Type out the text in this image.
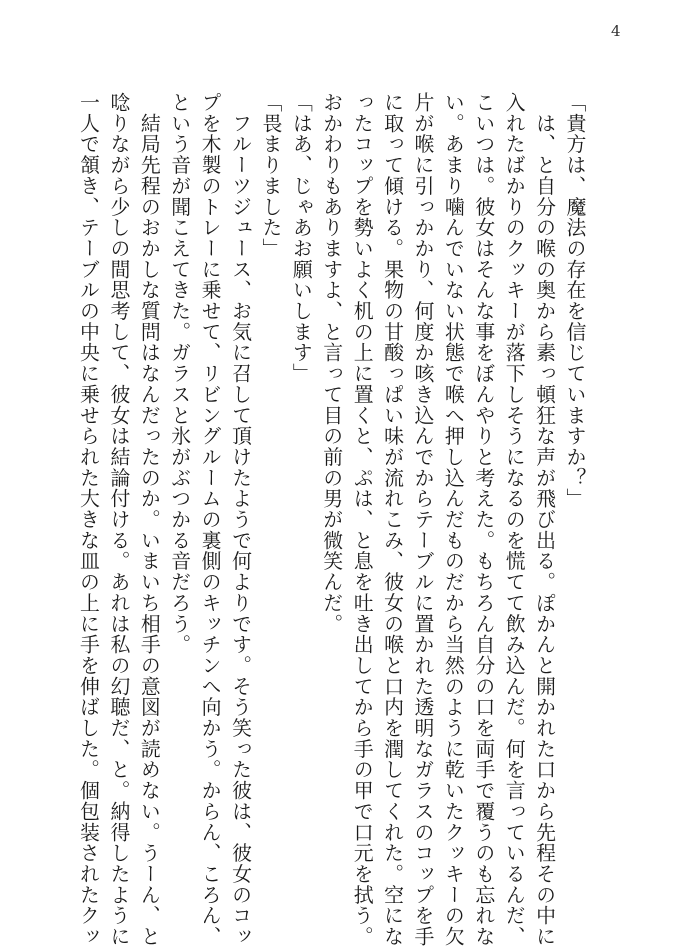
4
「貴方は、魔法の存在を信じていますか？」
　は、と自分の喉の奥から素っ頓狂な声が飛び出る。ぽかんと開かれた口から先程その中に
入れたばかりのクッキーが落下しそうになるのを慌てて飲み込んだ。何を言っているんだ、
こいつは。彼女はそんな事をぼんやりと考えた。もちろん自分の口を両手で覆うのも忘れな
い。あまり噛んでいない状態で喉へ押し込んだものだから当然のように乾いたクッキーの欠
片が喉に引っかかり、何度か咳き込んでからテーブルに置かれた透明なガラスのコップを手
に取って傾ける。果物の甘酸っぱい味が流れこみ、彼女の喉と口内を潤してくれた。空にな
ったコップを勢いよく机の上に置くと、ぷは、と息を吐き出してから手の甲で口元を拭う。
おかわりもありますよ、と言って目の前の男が微笑んだ。
「はあ、じゃあお願いします」
「畏まりました」
　フルーツジュース、お気に召して頂けたようで何よりです。そう笑った彼は、彼女のコッ
プを木製のトレーに乗せて、リビングルームの裏側のキッチンへ向かう。からん、ころん、
という音が聞こえてきた。ガラスと氷がぶつかる音だろう。
　結局先程のおかしな質問はなんだったのか。いまいち相手の意図が読めない。うーん、と
唸りながら少しの間思考して、彼女は結論付ける。あれは私の幻聴だ、と。納得したように
一人で頷き、テーブルの中央に乗せられた大きな皿の上に手を伸ばした。個包装されたクッ
